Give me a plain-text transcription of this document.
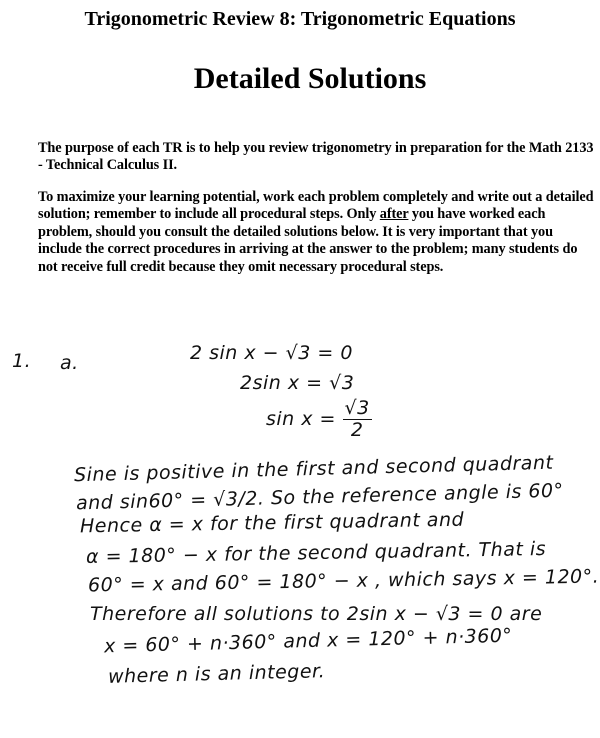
Trigonometric Review 8: Trigonometric Equations
Detailed Solutions

The purpose of each TR is to help you review trigonometry in preparation for the Math 2133 - Technical Calculus II.

To maximize your learning potential, work each problem completely and write out a detailed solution; remember to include all procedural steps. Only after you have worked each problem, should you consult the detailed solutions below. It is very important that you include the correct procedures in arriving at the answer to the problem; many students do not receive full credit because they omit necessary procedural steps.

1. a.	2 sin x − √3 = 0
2sin x = √3
$\sin x = \frac{√3}{2}$
Sine is positive in the first and second quadrant
and sin60° = √3/2. So the reference angle is 60°
Hence α = x for the first quadrant and
α = 180° − x for the second quadrant. That is
60° = x and 60° = 180° − x , which says x = 120°.
Therefore all solutions to 2sin x − √3 = 0 are
x = 60° + n·360° and x = 120° + n·360°
where n is an integer.
